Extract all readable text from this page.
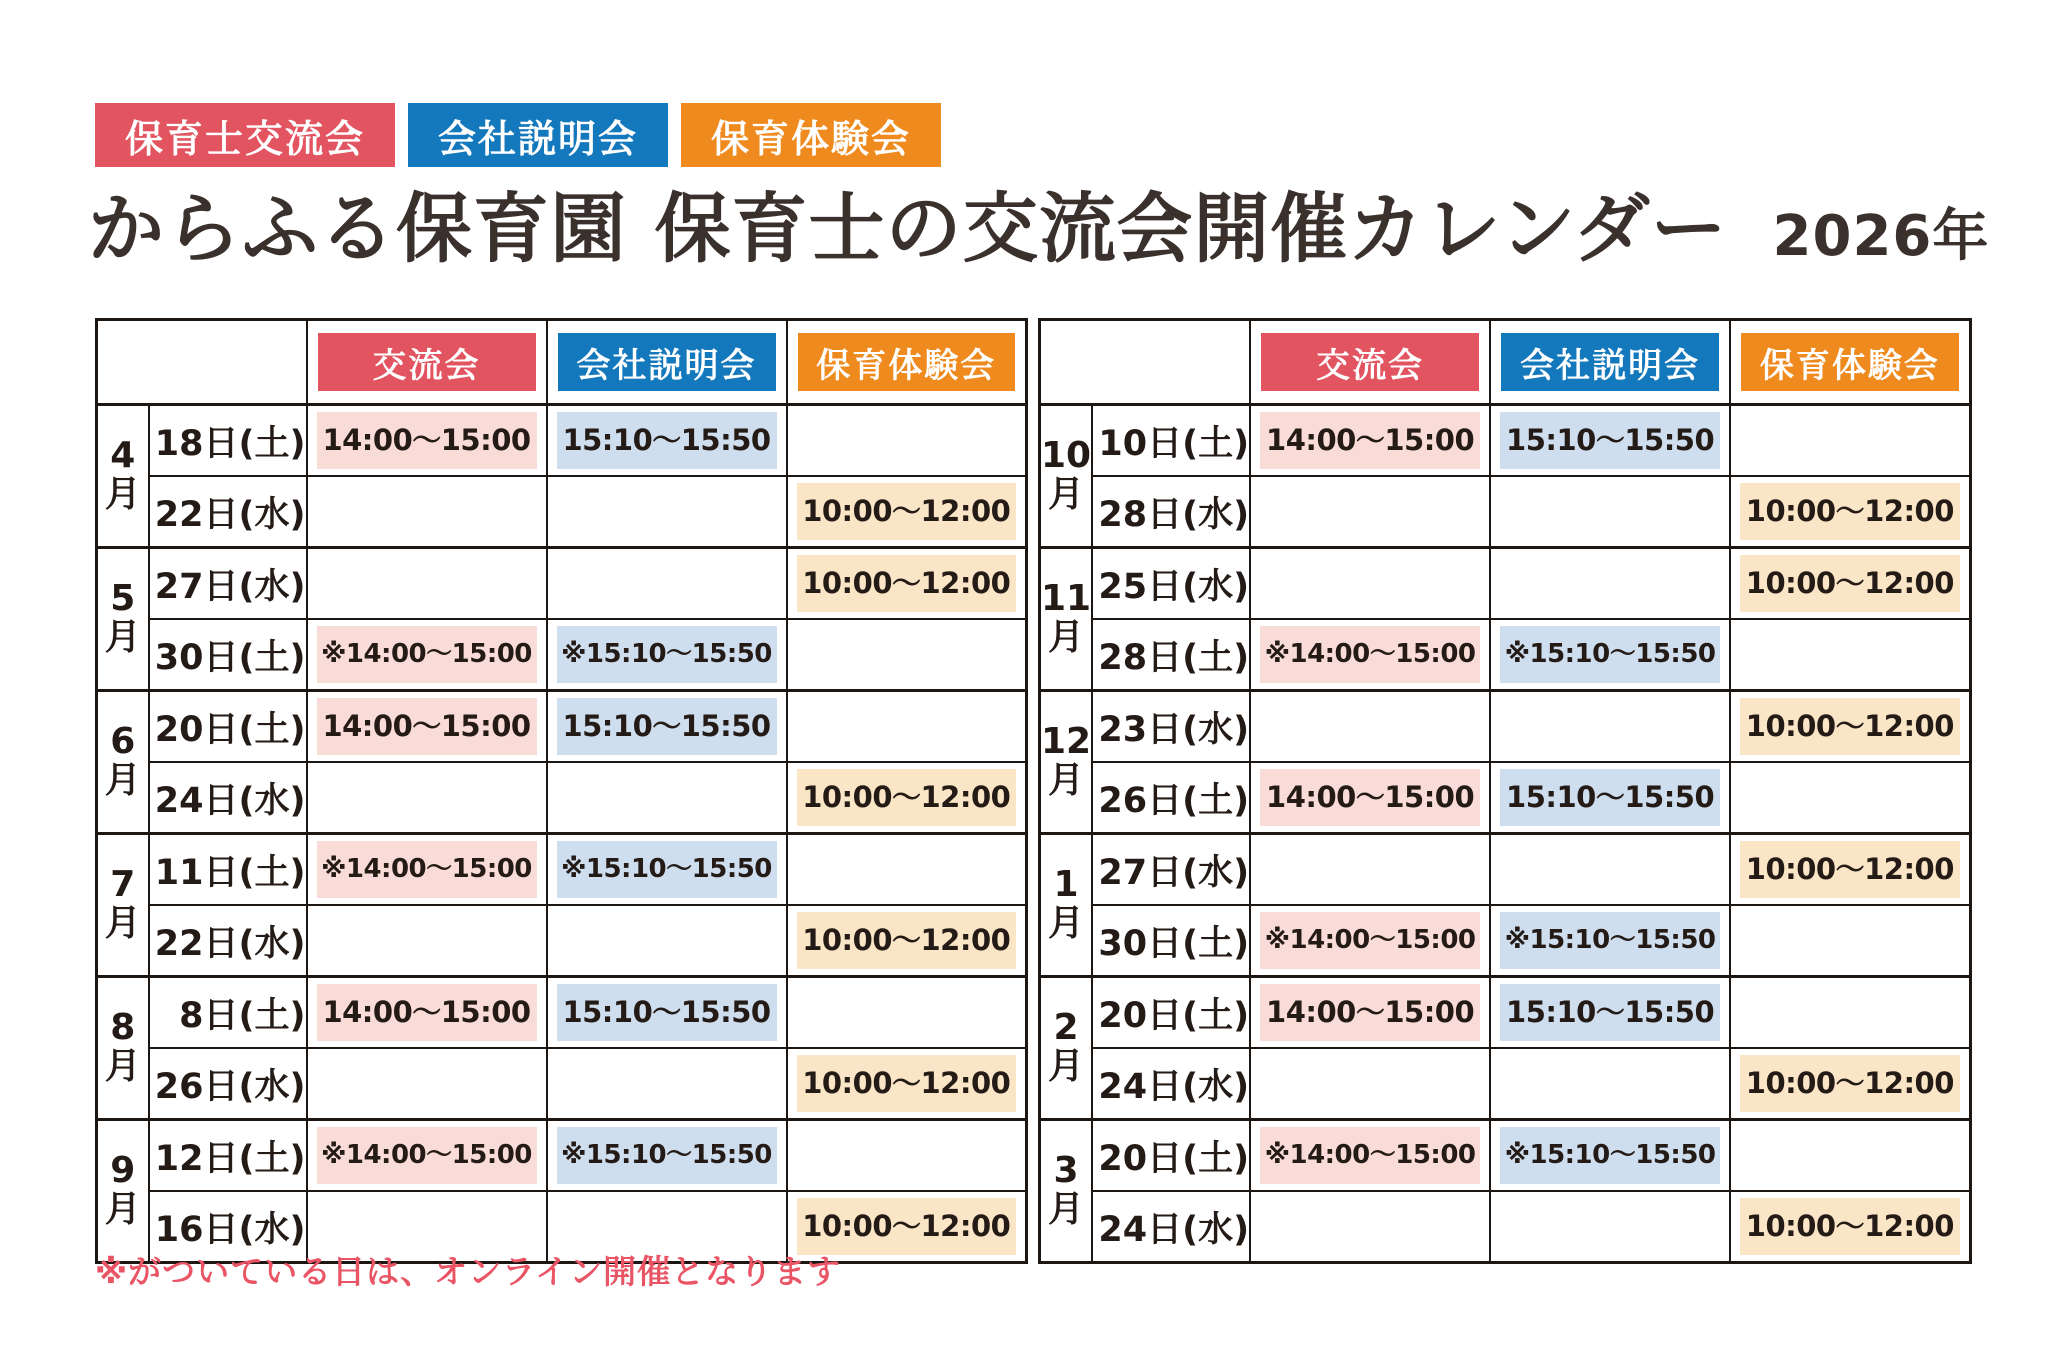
保育士交流会	会社説明会	保育体験会
からふる保育園 保育士の交流会開催カレンダー 2026年

交流会	会社説明会	保育体験会

4
月	18日(土)	14:00〜15:00	15:10〜15:50	

	22日(水)			10:00〜12:00

5
月	27日(水)			10:00〜12:00

	30日(土)	※14:00〜15:00	※15:10〜15:50	

6
月	20日(土)	14:00〜15:00	15:10〜15:50	

	24日(水)			10:00〜12:00

7
月	11日(土)	※14:00〜15:00	※15:10〜15:50	

	22日(水)			10:00〜12:00

8
月	8日(土)	14:00〜15:00	15:10〜15:50	

	26日(水)			10:00〜12:00

9
月	12日(土)	※14:00〜15:00	※15:10〜15:50	

	16日(水)			10:00〜12:00

交流会	会社説明会	保育体験会

10
月	10日(土)	14:00〜15:00	15:10〜15:50	

	28日(水)			10:00〜12:00

11
月	25日(水)			10:00〜12:00

	28日(土)	※14:00〜15:00	※15:10〜15:50	

12
月	23日(水)			10:00〜12:00

	26日(土)	14:00〜15:00	15:10〜15:50	

1
月	27日(水)			10:00〜12:00

	30日(土)	※14:00〜15:00	※15:10〜15:50	

2
月	20日(土)	14:00〜15:00	15:10〜15:50	

	24日(水)			10:00〜12:00

3
月	20日(土)	※14:00〜15:00	※15:10〜15:50	

	24日(水)			10:00〜12:00
※がついている日は、オンライン開催となります
